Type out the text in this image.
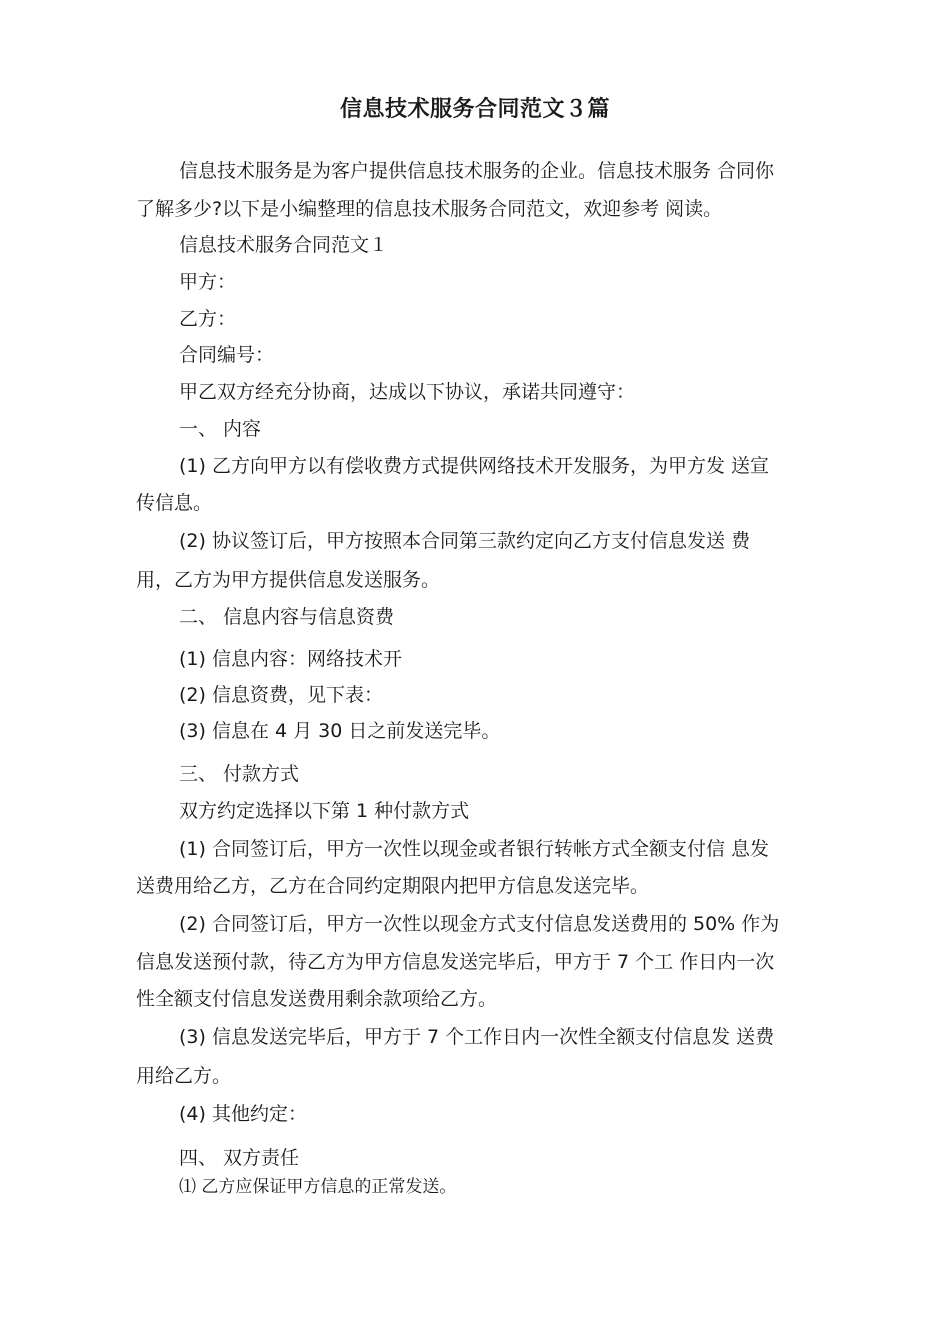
信息技术服务合同范文３篇
信息技术服务是为客户提供信息技术服务的企业。信息技术服务 合同你
了解多少?以下是小编整理的信息技术服务合同范文，欢迎参考 阅读。
信息技术服务合同范文１
甲方：
乙方：
合同编号：
甲乙双方经充分协商，达成以下协议，承诺共同遵守：
一、 内容
(1) 乙方向甲方以有偿收费方式提供网络技术开发服务，为甲方发 送宣
传信息。
(2) 协议签订后，甲方按照本合同第三款约定向乙方支付信息发送 费
用，乙方为甲方提供信息发送服务。
二、 信息内容与信息资费
(1) 信息内容：网络技术开
(2) 信息资费，见下表：
(3) 信息在 4 月 30 日之前发送完毕。
三、 付款方式
双方约定选择以下第 1 种付款方式
(1) 合同签订后，甲方一次性以现金或者银行转帐方式全额支付信 息发
送费用给乙方，乙方在合同约定期限内把甲方信息发送完毕。
(2) 合同签订后，甲方一次性以现金方式支付信息发送费用的 50% 作为
信息发送预付款，待乙方为甲方信息发送完毕后，甲方于 7 个工 作日内一次
性全额支付信息发送费用剩余款项给乙方。
(3) 信息发送完毕后，甲方于 7 个工作日内一次性全额支付信息发 送费
用给乙方。
(4) 其他约定：
四、 双方责任
⑴ 乙方应保证甲方信息的正常发送。
